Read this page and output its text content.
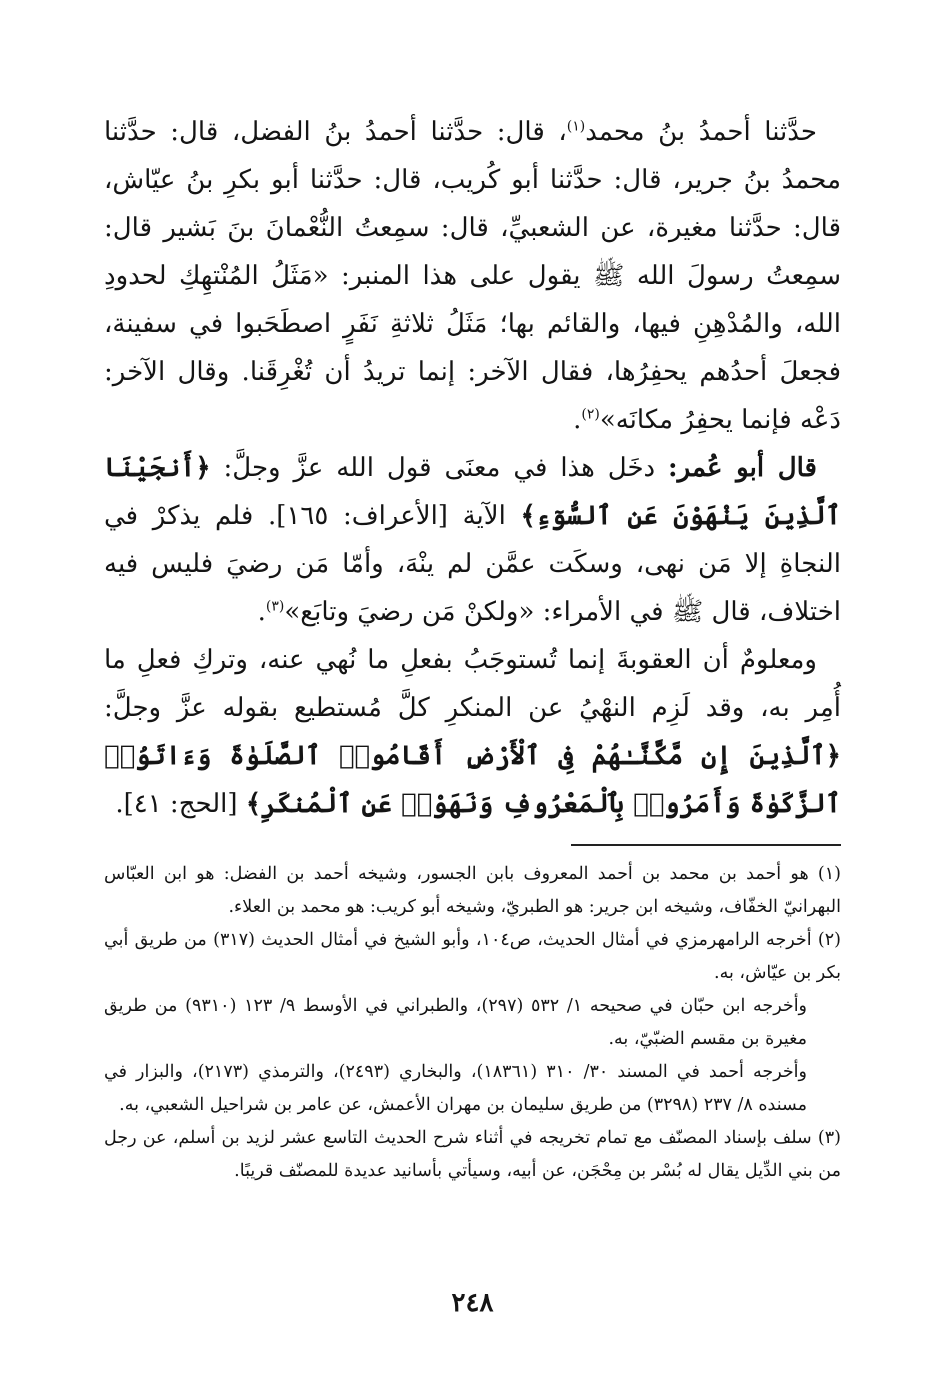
حدَّثنا أحمدُ بنُ محمد$^{(١)}$، قال: حدَّثنا أحمدُ بنُ الفضل، قال: حدَّثنا محمدُ بنُ جرير، قال: حدَّثنا أبو كُريب، قال: حدَّثنا أبو بكرِ بنُ عيّاش، قال: حدَّثنا مغيرة، عن الشعبيِّ، قال: سمِعتُ النُّعْمانَ بنَ بَشير قال: سمِعتُ رسولَ الله ﷺ يقول على هذا المنبر: «مَثَلُ المُنْتهِكِ لحدودِ الله، والمُدْهِنِ فيها، والقائم بها؛ مَثَلُ ثلاثةِ نَفَرٍ اصطَحَبوا في سفينة، فجعلَ أحدُهم يحفِرُها، فقال الآخر: إنما تريدُ أن تُغْرِقَنا. وقال الآخر: دَعْه فإنما يحفِرُ مكانَه»$^{(٢)}$.

قال أبو عُمر: دخَل هذا في معنَى قول الله عزَّ وجلَّ: ﴿أَنجَيْنَا ٱلَّذِينَ يَنْهَوْنَ عَنِ ٱلسُّوٓءِ﴾ الآية [الأعراف: ١٦٥]. فلم يذكرْ في النجاةِ إلا مَن نهى، وسكَت عمَّن لم ينْهَ، وأمّا مَن رضيَ فليس فيه اختلاف، قال ﷺ في الأمراء: «ولكنْ مَن رضيَ وتابَع»$^{(٣)}$.

ومعلومٌ أن العقوبةَ إنما تُستوجَبُ بفعلِ ما نُهي عنه، وتركِ فعلِ ما أُمِر به، وقد لَزِم النهْيُ عن المنكرِ كلَّ مُستطيع بقوله عزَّ وجلَّ: ﴿ٱلَّذِينَ إِن مَّكَّنَّـٰهُمْ فِى ٱلْأَرْضِ أَقَامُوا۟ ٱلصَّلَوٰةَ وَءَاتَوُا۟ ٱلزَّكَوٰةَ وَأَمَرُوا۟ بِٱلْمَعْرُوفِ وَنَهَوْا۟ عَنِ ٱلْمُنكَرِ﴾ [الحج: ٤١].

(١) هو أحمد بن محمد بن أحمد المعروف بابن الجسور، وشيخه أحمد بن الفضل: هو ابن العبّاس البهرانيّ الخفّاف، وشيخه ابن جرير: هو الطبريّ، وشيخه أبو كريب: هو محمد بن العلاء.

(٢) أخرجه الرامهرمزي في أمثال الحديث، ص١٠٤، وأبو الشيخ في أمثال الحديث (٣١٧) من طريق أبي بكر بن عيّاش، به.

وأخرجه ابن حبّان في صحيحه ١/ ٥٣٢ (٢٩٧)، والطبراني في الأوسط ٩/ ١٢٣ (٩٣١٠) من طريق مغيرة بن مقسم الضبّيّ، به.

وأخرجه أحمد في المسند ٣٠/ ٣١٠ (١٨٣٦١)، والبخاري (٢٤٩٣)، والترمذي (٢١٧٣)، والبزار في مسنده ٨/ ٢٣٧ (٣٢٩٨) من طريق سليمان بن مهران الأعمش، عن عامر بن شراحيل الشعبي، به.

(٣) سلف بإسناد المصنّف مع تمام تخريجه في أثناء شرح الحديث التاسع عشر لزيد بن أسلم، عن رجل من بني الدِّيل يقال له بُسْر بن مِحْجَن، عن أبيه، وسيأتي بأسانيد عديدة للمصنّف قريبًا.

٢٤٨
